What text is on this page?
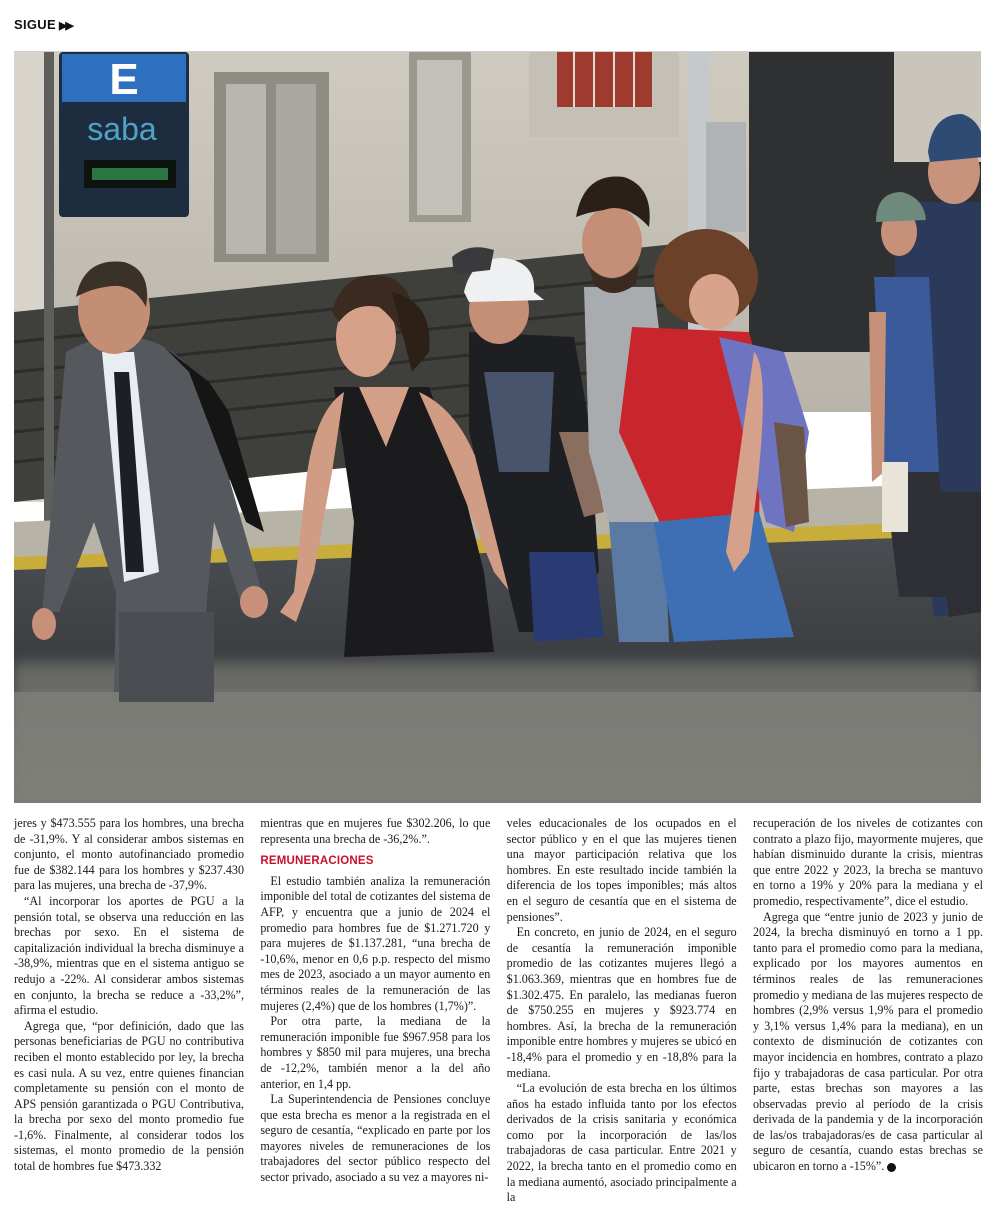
SIGUE ▶▶
E
saba

jeres y $473.555 para los hombres, una brecha de -31,9%. Y al considerar ambos sistemas en conjunto, el monto autofinanciado promedio fue de $382.144 para los hombres y $237.430 para las mujeres, una brecha de -37,9%.

“Al incorporar los aportes de PGU a la pensión total, se observa una reducción en las brechas por sexo. En el sistema de capitalización individual la brecha disminuye a -38,9%, mientras que en el sistema antiguo se redujo a -22%. Al considerar ambos sistemas en conjunto, la brecha se reduce a -33,2%”, afirma el estudio.

Agrega que, “por definición, dado que las personas beneficiarias de PGU no contributiva reciben el monto establecido por ley, la brecha es casi nula. A su vez, entre quienes financian completamente su pensión con el monto de APS pensión garantizada o PGU Contributiva, la brecha por sexo del monto promedio fue -1,6%. Finalmente, al considerar todos los sistemas, el monto promedio de la pensión total de hombres fue $473.332

mientras que en mujeres fue $302.206, lo que representa una brecha de -36,2%.”.

REMUNERACIONES

El estudio también analiza la remuneración imponible del total de cotizantes del sistema de AFP, y encuentra que a junio de 2024 el promedio para hombres fue de $1.271.720 y para mujeres de $1.137.281, “una brecha de -10,6%, menor en 0,6 p.p. respecto del mismo mes de 2023, asociado a un mayor aumento en términos reales de la remuneración de las mujeres (2,4%) que de los hombres (1,7%)”.

Por otra parte, la mediana de la remuneración imponible fue $967.958 para los hombres y $850 mil para mujeres, una brecha de -12,2%, también menor a la del año anterior, en 1,4 pp.

La Superintendencia de Pensiones concluye que esta brecha es menor a la registrada en el seguro de cesantía, “explicado en parte por los mayores niveles de remuneraciones de los trabajadores del sector público respecto del sector privado, asociado a su vez a mayores ni-

veles educacionales de los ocupados en el sector público y en el que las mujeres tienen una mayor participación relativa que los hombres. En este resultado incide también la diferencia de los topes imponibles; más altos en el seguro de cesantía que en el sistema de pensiones”.

En concreto, en junio de 2024, en el seguro de cesantía la remuneración imponible promedio de las cotizantes mujeres llegó a $1.063.369, mientras que en hombres fue de $1.302.475. En paralelo, las medianas fueron de $750.255 en mujeres y $923.774 en hombres. Así, la brecha de la remuneración imponible entre hombres y mujeres se ubicó en -18,4% para el promedio y en -18,8% para la mediana.

“La evolución de esta brecha en los últimos años ha estado influida tanto por los efectos derivados de la crisis sanitaria y económica como por la incorporación de las/los trabajadoras de casa particular. Entre 2021 y 2022, la brecha tanto en el promedio como en la mediana aumentó, asociado principalmente a la

recuperación de los niveles de cotizantes con contrato a plazo fijo, mayormente mujeres, que habían disminuido durante la crisis, mientras que entre 2022 y 2023, la brecha se mantuvo en torno a 19% y 20% para la mediana y el promedio, respectivamente”, dice el estudio.

Agrega que “entre junio de 2023 y junio de 2024, la brecha disminuyó en torno a 1 pp. tanto para el promedio como para la mediana, explicado por los mayores aumentos en términos reales de las remuneraciones promedio y mediana de las mujeres respecto de hombres (2,9% versus 1,9% para el promedio y 3,1% versus 1,4% para la mediana), en un contexto de disminución de cotizantes con mayor incidencia en hombres, contrato a plazo fijo y trabajadoras de casa particular. Por otra parte, estas brechas son mayores a las observadas previo al período de la crisis derivada de la pandemia y de la incorporación de las/os trabajadoras/es de casa particular al seguro de cesantía, cuando estas brechas se ubicaron en torno a -15%”. P
